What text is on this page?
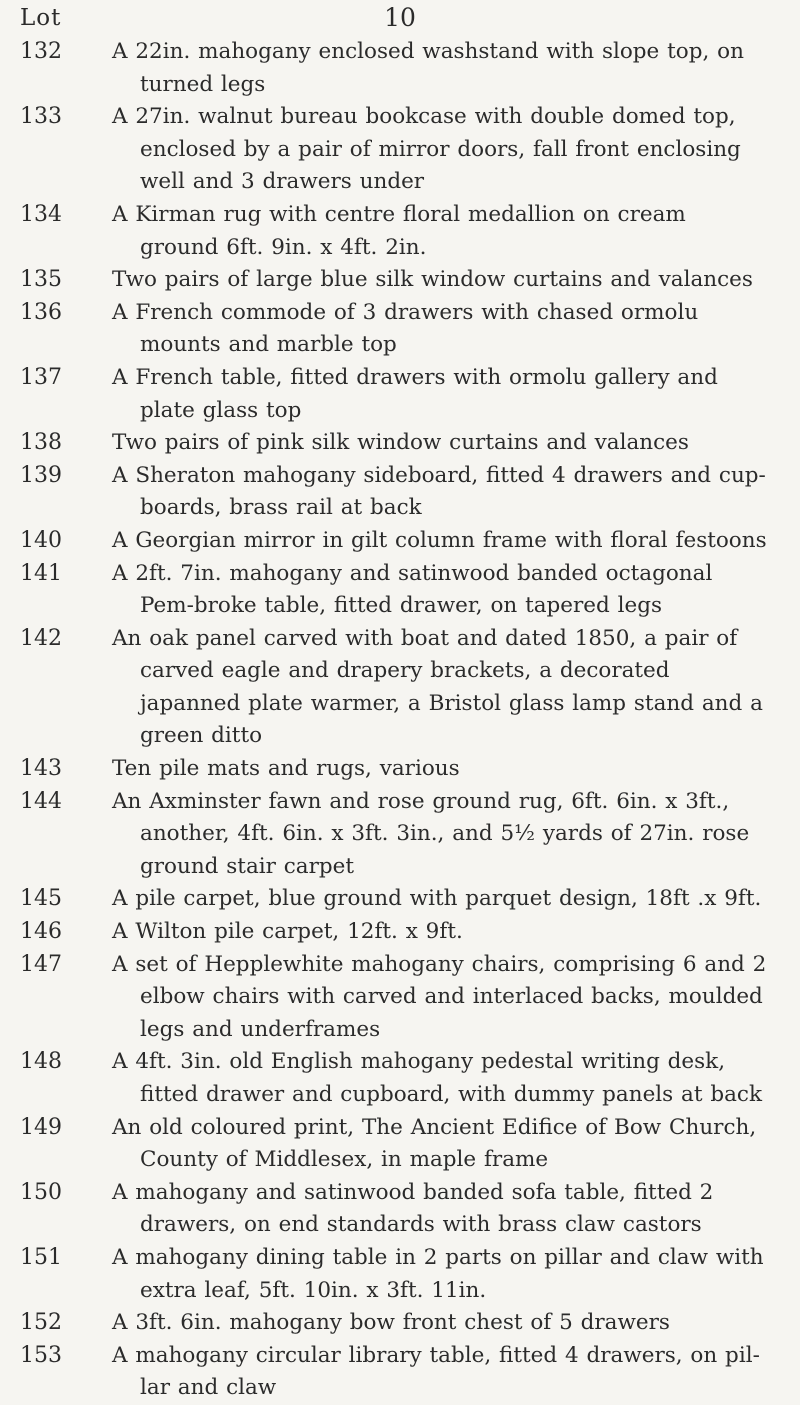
10
Lot
132	A 22in. mahogany enclosed washstand with slope top, on turned legs
133	A 27in. walnut bureau bookcase with double domed top, enclosed by a pair of mirror doors, fall front enclosing well and 3 drawers under
134	A Kirman rug with centre floral medallion on cream ground 6ft. 9in. x 4ft. 2in.
135	Two pairs of large blue silk window curtains and valances
136	A French commode of 3 drawers with chased ormolu mounts and marble top
137	A French table, fitted drawers with ormolu gallery and plate glass top
138	Two pairs of pink silk window curtains and valances
139	A Sheraton mahogany sideboard, fitted 4 drawers and cup-boards, brass rail at back
140	A Georgian mirror in gilt column frame with floral festoons
141	A 2ft. 7in. mahogany and satinwood banded octagonal Pem-broke table, fitted drawer, on tapered legs
142	An oak panel carved with boat and dated 1850, a pair of carved eagle and drapery brackets, a decorated japanned plate warmer, a Bristol glass lamp stand and a green ditto
143	Ten pile mats and rugs, various
144	An Axminster fawn and rose ground rug, 6ft. 6in. x 3ft., another, 4ft. 6in. x 3ft. 3in., and 5½ yards of 27in. rose ground stair carpet
145	A pile carpet, blue ground with parquet design, 18ft .x 9ft.
146	A Wilton pile carpet, 12ft. x 9ft.
147	A set of Hepplewhite mahogany chairs, comprising 6 and 2 elbow chairs with carved and interlaced backs, moulded legs and underframes
148	A 4ft. 3in. old English mahogany pedestal writing desk, fitted drawer and cupboard, with dummy panels at back
149	An old coloured print, The Ancient Edifice of Bow Church, County of Middlesex, in maple frame
150	A mahogany and satinwood banded sofa table, fitted 2 drawers, on end standards with brass claw castors
151	A mahogany dining table in 2 parts on pillar and claw with extra leaf, 5ft. 10in. x 3ft. 11in.
152	A 3ft. 6in. mahogany bow front chest of 5 drawers
153	A mahogany circular library table, fitted 4 drawers, on pil-lar and claw
